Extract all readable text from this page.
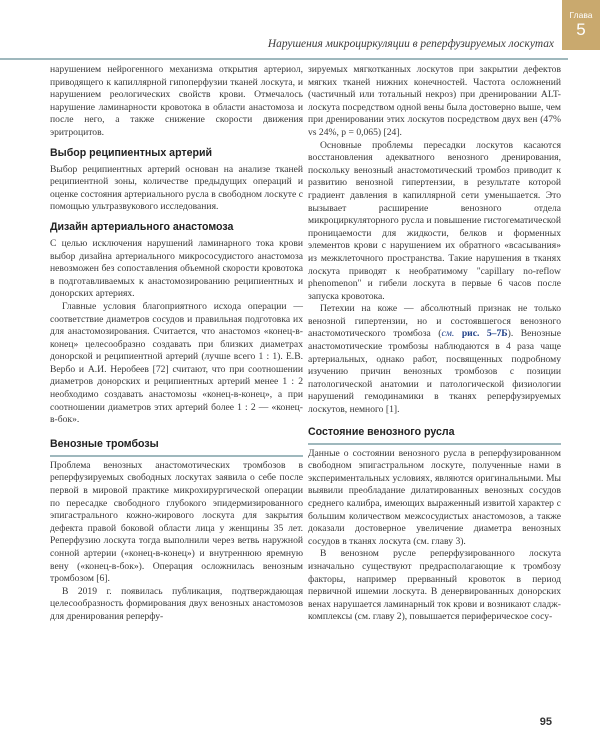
Глава
5
Нарушения микроциркуляции в реперфузируемых лоскутах

нарушением нейрогенного механизма открытия артериол, приводящего к капиллярной гипоперфузии тканей лоскута, и нарушением реологических свойств крови. Отмечалось нарушение ламинарности кровотока в области анастомоза и после него, а также снижение скорости движения эритроцитов.

Выбор реципиентных артерий

Выбор реципиентных артерий основан на анализе тканей реципиентной зоны, количестве предыдущих операций и оценке состояния артериального русла в свободном лоскуте с помощью ультразвукового исследования.

Дизайн артериального анастомоза

С целью исключения нарушений ламинарного тока крови выбор дизайна артериального микрососудистого анастомоза невозможен без сопоставления объемной скорости кровотока в подготавливаемых к анастомозированию реципиентных и донорских артериях.

Главные условия благоприятного исхода операции — соответствие диаметров сосудов и правильная подготовка их для анастомозирования. Считается, что анастомоз «конец-в-конец» целесообразно создавать при близких диаметрах донорской и реципиентной артерий (лучше всего 1 : 1). Е.В. Вербо и А.И. Неробеев [72] считают, что при соотношении диаметров донорских и реципиентных артерий менее 1 : 2 необходимо создавать анастомозы «конец-в-конец», а при соотношении диаметров этих артерий более 1 : 2 — «конец-в-бок».

Венозные тромбозы

Проблема венозных анастомотических тромбозов в реперфузируемых свободных лоскутах заявила о себе после первой в мировой практике микрохирургической операции по пересадке свободного глубокого эпидермизированного эпигастрального кожно-жирового лоскута для закрытия дефекта правой боковой области лица у женщины 35 лет. Реперфузию лоскута тогда выполнили через ветвь наружной сонной артерии («конец-в-конец») и внутреннюю яремную вену («конец-в-бок»). Операция осложнилась венозным тромбозом [6].

В 2019 г. появилась публикация, подтверждающая целесообразность формирования двух венозных анастомозов для дренирования реперфу-

зируемых мягкотканных лоскутов при закрытии дефектов мягких тканей нижних конечностей. Частота осложнений (частичный или тотальный некроз) при дренировании ALT-лоскута посредством одной вены была достоверно выше, чем при дренировании этих лоскутов посредством двух вен (47% vs 24%, p = 0,065) [24].

Основные проблемы пересадки лоскутов касаются восстановления адекватного венозного дренирования, поскольку венозный анастомотический тромбоз приводит к развитию венозной гипертензии, в результате которой градиент давления в капиллярной сети уменьшается. Это вызывает расширение венозного отдела микроциркуляторного русла и повышение гистогематической проницаемости для жидкости, белков и форменных элементов крови с нарушением их обратного «всасывания» из межклеточного пространства. Такие нарушения в тканях лоскута приводят к необратимому "capillary no-reflow phenomenon" и гибели лоскута в первые 6 часов после запуска кровотока.

Петехии на коже — абсолютный признак не только венозной гипертензии, но и состоявшегося венозного анастомотического тромбоза (см. рис. 5–7Б). Венозные анастомотические тромбозы наблюдаются в 4 раза чаще артериальных, однако работ, посвященных подробному изучению причин венозных тромбозов с позиции патологической анатомии и патологической физиологии нарушений гемодинамики в тканях реперфузируемых лоскутов, немного [1].

Состояние венозного русла

Данные о состоянии венозного русла в реперфузированном свободном эпигастральном лоскуте, полученные нами в экспериментальных условиях, являются оригинальными. Мы выявили преобладание дилатированных венозных сосудов среднего калибра, имеющих выраженный извитой характер с большим количеством межсосудистых анастомозов, а также доказали достоверное увеличение диаметра венозных сосудов в тканях лоскута (см. главу 3).

В венозном русле реперфузированного лоскута изначально существуют предрасполагающие к тромбозу факторы, например прерванный кровоток в период первичной ишемии лоскута. В денервированных донорских венах нарушается ламинарный ток крови и возникают сладж-комплексы (см. главу 2), повышается периферическое сосу-

95
